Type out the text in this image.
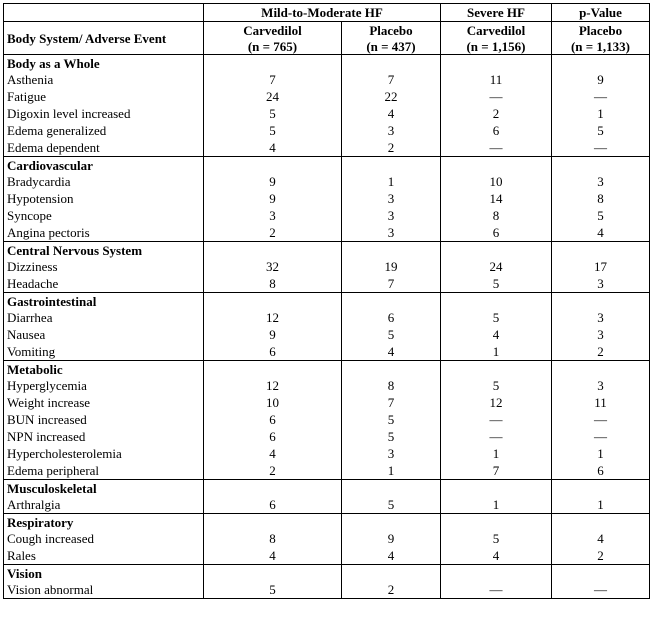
	Mild-to-Moderate HF		Severe HF	p-Value
Body System/ Adverse Event	Carvedilol	Placebo	Carvedilol	Placebo
	(n = 765)	(n = 437)	(n = 1,156)	(n = 1,133)
Body as a Whole				
Asthenia	7	7	11	9
Fatigue	24	22	—	—
Digoxin level increased	5	4	2	1
Edema generalized	5	3	6	5
Edema dependent	4	2	—	—
Cardiovascular				
Bradycardia	9	1	10	3
Hypotension	9	3	14	8
Syncope	3	3	8	5
Angina pectoris	2	3	6	4
Central Nervous System				
Dizziness	32	19	24	17
Headache	8	7	5	3
Gastrointestinal				
Diarrhea	12	6	5	3
Nausea	9	5	4	3
Vomiting	6	4	1	2
Metabolic				
Hyperglycemia	12	8	5	3
Weight increase	10	7	12	11
BUN increased	6	5	—	—
NPN increased	6	5	—	—
Hypercholesterolemia	4	3	1	1
Edema peripheral	2	1	7	6
Musculoskeletal				
Arthralgia	6	5	1	1
Respiratory				
Cough increased	8	9	5	4
Rales	4	4	4	2
Vision				
Vision abnormal	5	2	—	—
